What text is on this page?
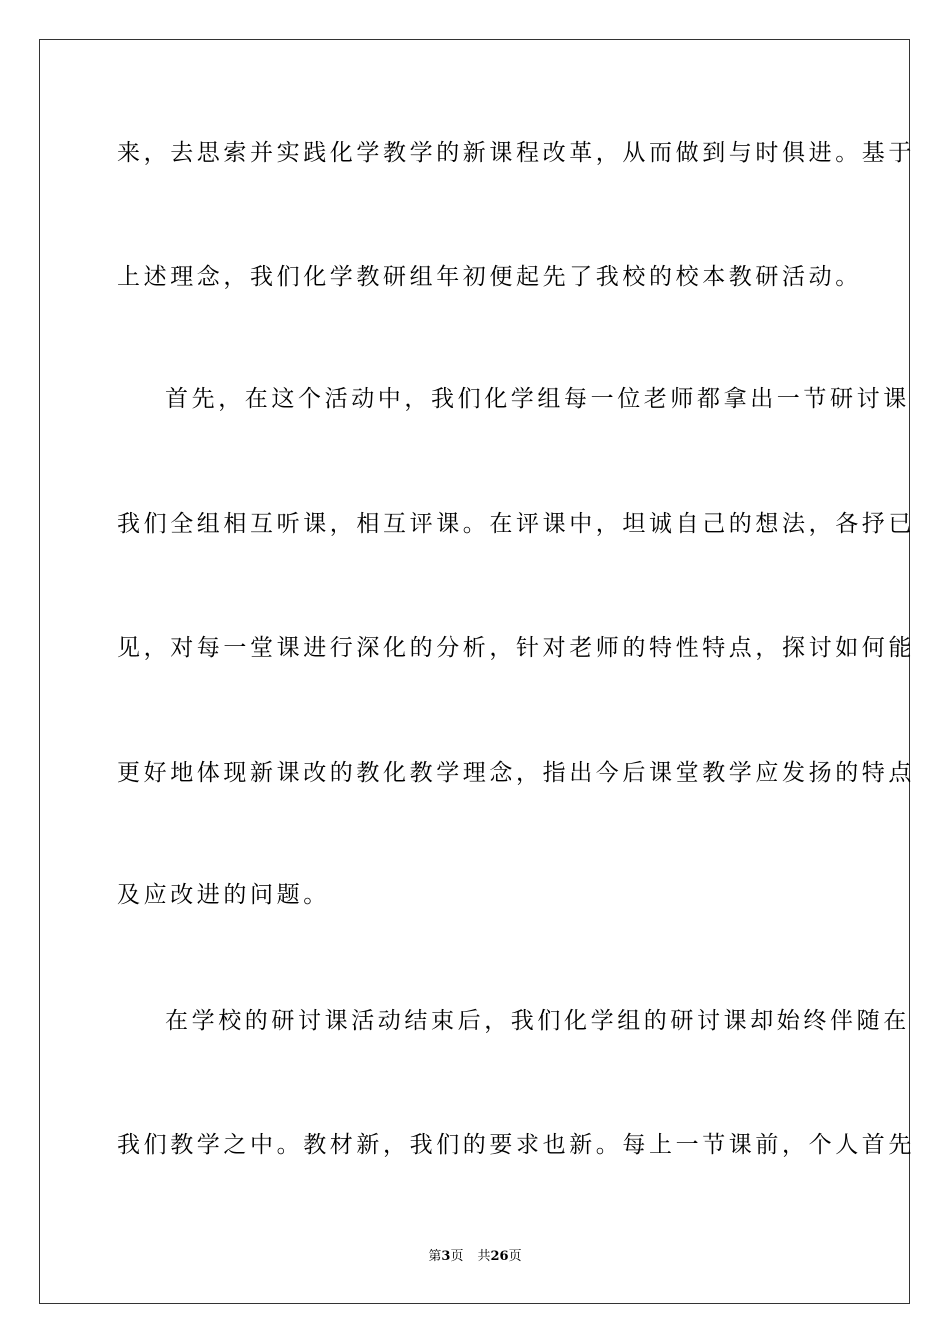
来，去思索并实践化学教学的新课程改革，从而做到与时俱进。基于
上述理念，我们化学教研组年初便起先了我校的校本教研活动。
首先，在这个活动中，我们化学组每一位老师都拿出一节研讨课
我们全组相互听课，相互评课。在评课中，坦诚自己的想法，各抒已
见，对每一堂课进行深化的分析，针对老师的特性特点，探讨如何能
更好地体现新课改的教化教学理念，指出今后课堂教学应发扬的特点
及应改进的问题。
在学校的研讨课活动结束后，我们化学组的研讨课却始终伴随在
我们教学之中。教材新，我们的要求也新。每上一节课前，个人首先
第3页 共26页
